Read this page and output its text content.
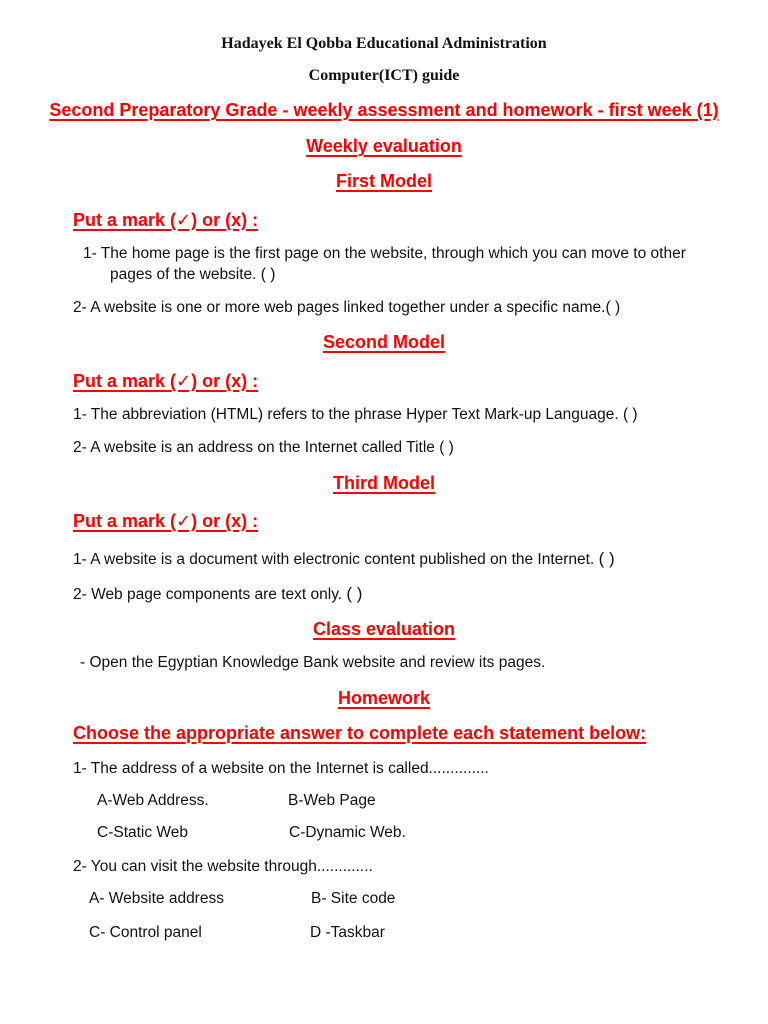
Hadayek El Qobba Educational Administration
Computer(ICT) guide
Second Preparatory Grade - weekly assessment and homework - first week (1)
Weekly evaluation
First Model
Put a mark (✓) or (x) :
1- The home page is the first page on the website, through which you can move to other
pages of the website. ( )
2- A website is one or more web pages linked together under a specific name.( )
Second Model
Put a mark (✓) or (x) :
1- The abbreviation (HTML) refers to the phrase Hyper Text Mark-up Language. ( )
2- A website is an address on the Internet called Title ( )
Third Model
Put a mark (✓) or (x) :
1- A website is a document with electronic content published on the Internet. ( )
2- Web page components are text only. ( )
Class evaluation
- Open the Egyptian Knowledge Bank website and review its pages.
Homework
Choose the appropriate answer to complete each statement below:
1- The address of a website on the Internet is called..............
A-Web Address.	B-Web Page
C-Static Web	C-Dynamic Web.
2- You can visit the website through.............
A- Website address	B- Site code
C- Control panel	D -Taskbar
